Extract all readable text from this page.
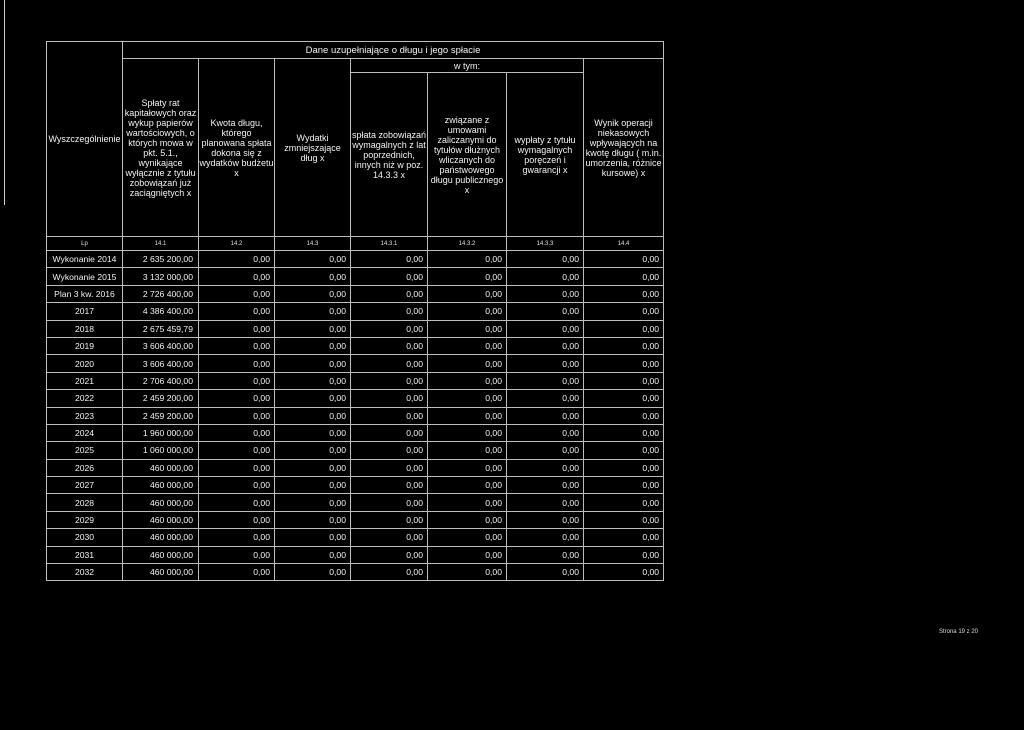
Wyszczególnienie	Dane uzupełniające o długu i jego spłacie						
	Spłaty rat kapitałowych oraz wykup papierów wartościowych, o których mowa w pkt. 5.1., wynikające wyłącznie z tytułu zobowiązań już zaciągniętych x	Kwota długu, którego planowana spłata dokona się z wydatków budżetu x	Wydatki zmniejszające dług x	w tym:			Wynik operacji niekasowych wpływających na kwotę długu ( m.in. umorzenia, różnice kursowe) x
				spłata zobowiązań wymagalnych z lat poprzednich, innych niż w poz. 14.3.3 x	związane z umowami zaliczanymi do tytułów dłużnych wliczanych do państwowego długu publicznego x	wypłaty z tytułu wymagalnych poręczeń i gwarancji x	
Lp	14.1	14.2	14.3	14.3.1	14.3.2	14.3.3	14.4
Wykonanie 2014	2 635 200,00	0,00	0,00	0,00	0,00	0,00	0,00
Wykonanie 2015	3 132 000,00	0,00	0,00	0,00	0,00	0,00	0,00
Plan 3 kw. 2016	2 726 400,00	0,00	0,00	0,00	0,00	0,00	0,00
2017	4 386 400,00	0,00	0,00	0,00	0,00	0,00	0,00
2018	2 675 459,79	0,00	0,00	0,00	0,00	0,00	0,00
2019	3 606 400,00	0,00	0,00	0,00	0,00	0,00	0,00
2020	3 606 400,00	0,00	0,00	0,00	0,00	0,00	0,00
2021	2 706 400,00	0,00	0,00	0,00	0,00	0,00	0,00
2022	2 459 200,00	0,00	0,00	0,00	0,00	0,00	0,00
2023	2 459 200,00	0,00	0,00	0,00	0,00	0,00	0,00
2024	1 960 000,00	0,00	0,00	0,00	0,00	0,00	0,00
2025	1 060 000,00	0,00	0,00	0,00	0,00	0,00	0,00
2026	460 000,00	0,00	0,00	0,00	0,00	0,00	0,00
2027	460 000,00	0,00	0,00	0,00	0,00	0,00	0,00
2028	460 000,00	0,00	0,00	0,00	0,00	0,00	0,00
2029	460 000,00	0,00	0,00	0,00	0,00	0,00	0,00
2030	460 000,00	0,00	0,00	0,00	0,00	0,00	0,00
2031	460 000,00	0,00	0,00	0,00	0,00	0,00	0,00
2032	460 000,00	0,00	0,00	0,00	0,00	0,00	0,00
Strona 19 z 20
